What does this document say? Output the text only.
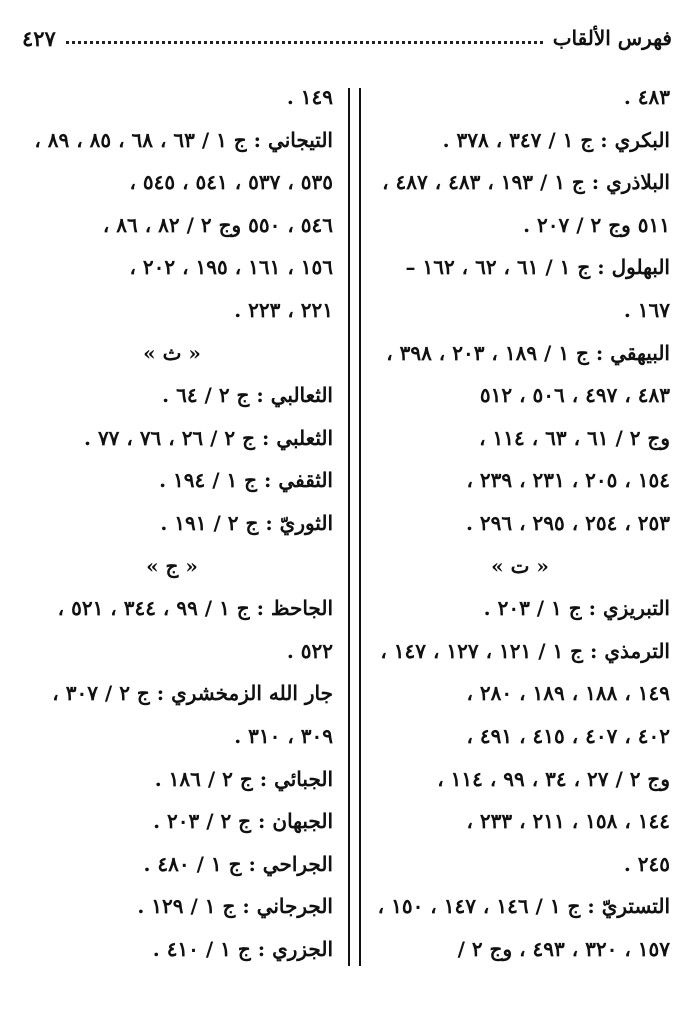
فهرس الألقاب
٤٢٧
٤٨٣ .
البكري : ج ١ / ٣٤٧ ، ٣٧٨ .
البلاذري : ج ١ / ١٩٣ ، ٤٨٣ ، ٤٨٧ ،
٥١١ وج ٢ / ٢٠٧ .
البهلول : ج ١ / ٦١ ، ٦٢ ، ١٦٢ –
١٦٧ .
البيهقي : ج ١ / ١٨٩ ، ٢٠٣ ، ٣٩٨ ،
٤٨٣ ، ٤٩٧ ، ٥٠٦ ، ٥١٢
وج ٢ / ٦١ ، ٦٣ ، ١١٤ ،
١٥٤ ، ٢٠٥ ، ٢٣١ ، ٢٣٩ ،
٢٥٣ ، ٢٥٤ ، ٢٩٥ ، ٢٩٦ .
« ت »
التبريزي : ج ١ / ٢٠٣ .
الترمذي : ج ١ / ١٢١ ، ١٢٧ ، ١٤٧ ،
١٤٩ ، ١٨٨ ، ١٨٩ ، ٢٨٠ ،
٤٠٢ ، ٤٠٧ ، ٤١٥ ، ٤٩١ ،
وج ٢ / ٢٧ ، ٣٤ ، ٩٩ ، ١١٤ ،
١٤٤ ، ١٥٨ ، ٢١١ ، ٢٣٣ ،
٢٤٥ .
التستريّ : ج ١ / ١٤٦ ، ١٤٧ ، ١٥٠ ،
١٥٧ ، ٣٢٠ ، ٤٩٣ ، وج ٢ /
١٤٩ .
التيجاني : ج ١ / ٦٣ ، ٦٨ ، ٨٥ ، ٨٩ ،
٥٣٥ ، ٥٣٧ ، ٥٤١ ، ٥٤٥ ،
٥٤٦ ، ٥٥٠ وج ٢ / ٨٢ ، ٨٦ ،
١٥٦ ، ١٦١ ، ١٩٥ ، ٢٠٢ ،
٢٢١ ، ٢٢٣ .
« ث »
الثعالبي : ج ٢ / ٦٤ .
الثعلبي : ج ٢ / ٢٦ ، ٧٦ ، ٧٧ .
الثقفي : ج ١ / ١٩٤ .
الثوريّ : ج ٢ / ١٩١ .
« ج »
الجاحظ : ج ١ / ٩٩ ، ٣٤٤ ، ٥٢١ ،
٥٢٢ .
جار الله الزمخشري : ج ٢ / ٣٠٧ ،
٣٠٩ ، ٣١٠ .
الجبائي : ج ٢ / ١٨٦ .
الجبهان : ج ٢ / ٢٠٣ .
الجراحي : ج ١ / ٤٨٠ .
الجرجاني : ج ١ / ١٢٩ .
الجزري : ج ١ / ٤١٠ .
